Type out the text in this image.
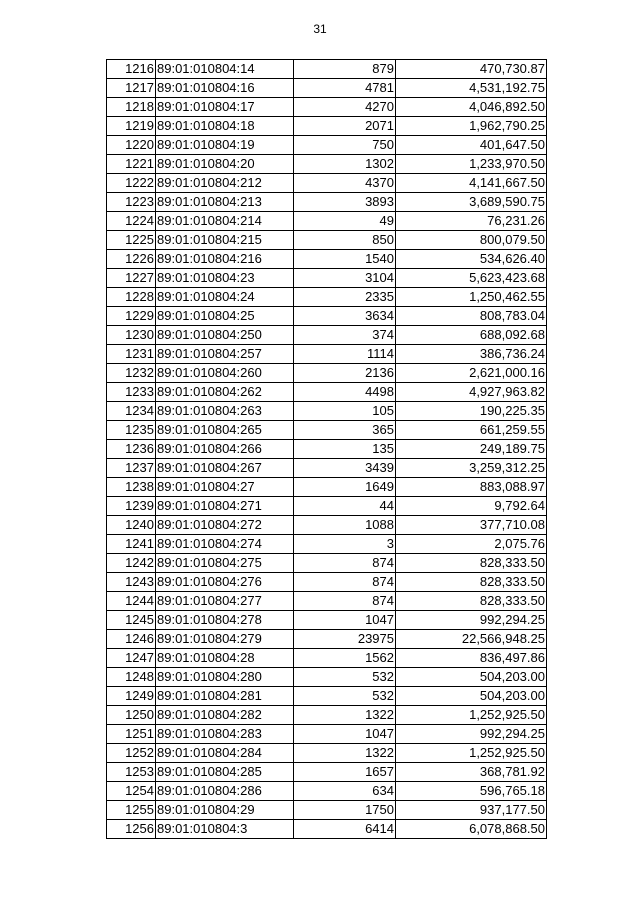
31
1216	89:01:010804:14	879	470,730.87
1217	89:01:010804:16	4781	4,531,192.75
1218	89:01:010804:17	4270	4,046,892.50
1219	89:01:010804:18	2071	1,962,790.25
1220	89:01:010804:19	750	401,647.50
1221	89:01:010804:20	1302	1,233,970.50
1222	89:01:010804:212	4370	4,141,667.50
1223	89:01:010804:213	3893	3,689,590.75
1224	89:01:010804:214	49	76,231.26
1225	89:01:010804:215	850	800,079.50
1226	89:01:010804:216	1540	534,626.40
1227	89:01:010804:23	3104	5,623,423.68
1228	89:01:010804:24	2335	1,250,462.55
1229	89:01:010804:25	3634	808,783.04
1230	89:01:010804:250	374	688,092.68
1231	89:01:010804:257	1114	386,736.24
1232	89:01:010804:260	2136	2,621,000.16
1233	89:01:010804:262	4498	4,927,963.82
1234	89:01:010804:263	105	190,225.35
1235	89:01:010804:265	365	661,259.55
1236	89:01:010804:266	135	249,189.75
1237	89:01:010804:267	3439	3,259,312.25
1238	89:01:010804:27	1649	883,088.97
1239	89:01:010804:271	44	9,792.64
1240	89:01:010804:272	1088	377,710.08
1241	89:01:010804:274	3	2,075.76
1242	89:01:010804:275	874	828,333.50
1243	89:01:010804:276	874	828,333.50
1244	89:01:010804:277	874	828,333.50
1245	89:01:010804:278	1047	992,294.25
1246	89:01:010804:279	23975	22,566,948.25
1247	89:01:010804:28	1562	836,497.86
1248	89:01:010804:280	532	504,203.00
1249	89:01:010804:281	532	504,203.00
1250	89:01:010804:282	1322	1,252,925.50
1251	89:01:010804:283	1047	992,294.25
1252	89:01:010804:284	1322	1,252,925.50
1253	89:01:010804:285	1657	368,781.92
1254	89:01:010804:286	634	596,765.18
1255	89:01:010804:29	1750	937,177.50
1256	89:01:010804:3	6414	6,078,868.50
